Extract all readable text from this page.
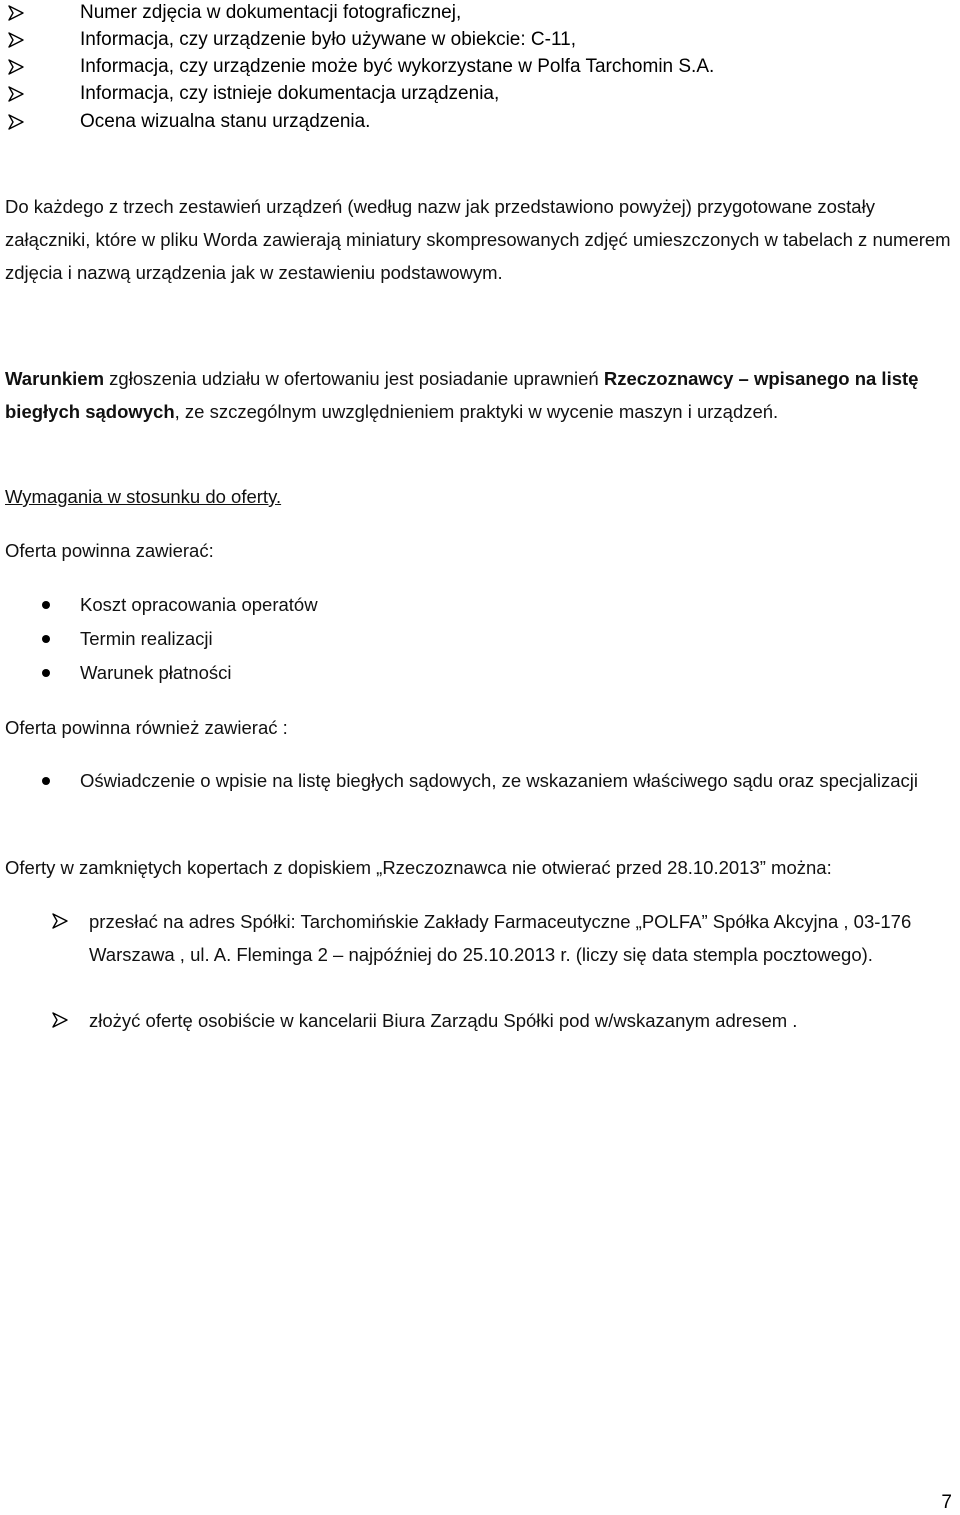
Numer zdjęcia w dokumentacji fotograficznej,
Informacja, czy urządzenie było używane w obiekcie: C-11,
Informacja, czy urządzenie może być wykorzystane w Polfa Tarchomin S.A.
Informacja, czy istnieje dokumentacja urządzenia,
Ocena wizualna stanu urządzenia.
Do każdego z trzech zestawień urządzeń (według nazw jak przedstawiono powyżej) przygotowane zostały załączniki, które w pliku Worda zawierają miniatury skompresowanych zdjęć umieszczonych w tabelach z numerem zdjęcia i nazwą urządzenia jak w zestawieniu podstawowym.
Warunkiem zgłoszenia udziału w ofertowaniu jest posiadanie uprawnień Rzeczoznawcy – wpisanego na listę biegłych sądowych, ze szczególnym uwzględnieniem praktyki w wycenie maszyn i urządzeń.
Wymagania w stosunku do oferty.
Oferta powinna zawierać:
Koszt opracowania operatów
Termin realizacji
Warunek płatności
Oferta powinna również zawierać :
Oświadczenie o wpisie na listę biegłych sądowych, ze wskazaniem właściwego sądu oraz specjalizacji
Oferty w zamkniętych kopertach z dopiskiem „Rzeczoznawca nie otwierać przed 28.10.2013” można:
przesłać na adres Spółki: Tarchomińskie Zakłady Farmaceutyczne „POLFA” Spółka Akcyjna , 03-176 Warszawa , ul. A. Fleminga 2 – najpóźniej do 25.10.2013 r. (liczy się data stempla pocztowego).
złożyć ofertę osobiście w kancelarii Biura Zarządu Spółki pod w/wskazanym adresem .
7
